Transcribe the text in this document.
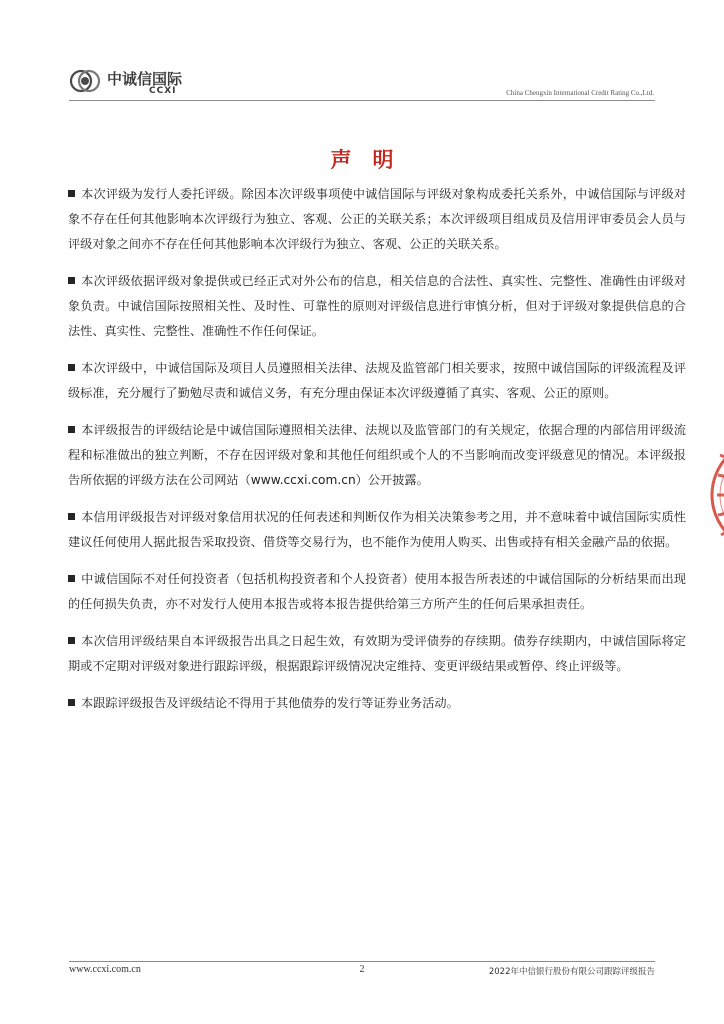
中诚信国际
CCXI	China Chengxin International Credit Rating Co.,Ltd.
声　明

本次评级为发行人委托评级。除因本次评级事项使中诚信国际与评级对象构成委托关系外，中诚信国际与评级对象不存在任何其他影响本次评级行为独立、客观、公正的关联关系；本次评级项目组成员及信用评审委员会人员与评级对象之间亦不存在任何其他影响本次评级行为独立、客观、公正的关联关系。

本次评级依据评级对象提供或已经正式对外公布的信息，相关信息的合法性、真实性、完整性、准确性由评级对象负责。中诚信国际按照相关性、及时性、可靠性的原则对评级信息进行审慎分析，但对于评级对象提供信息的合法性、真实性、完整性、准确性不作任何保证。

本次评级中，中诚信国际及项目人员遵照相关法律、法规及监管部门相关要求，按照中诚信国际的评级流程及评级标准，充分履行了勤勉尽责和诚信义务，有充分理由保证本次评级遵循了真实、客观、公正的原则。

本评级报告的评级结论是中诚信国际遵照相关法律、法规以及监管部门的有关规定，依据合理的内部信用评级流程和标准做出的独立判断，不存在因评级对象和其他任何组织或个人的不当影响而改变评级意见的情况。本评级报告所依据的评级方法在公司网站（www.ccxi.com.cn）公开披露。

本信用评级报告对评级对象信用状况的任何表述和判断仅作为相关决策参考之用，并不意味着中诚信国际实质性建议任何使用人据此报告采取投资、借贷等交易行为，也不能作为使用人购买、出售或持有相关金融产品的依据。

中诚信国际不对任何投资者（包括机构投资者和个人投资者）使用本报告所表述的中诚信国际的分析结果而出现的任何损失负责，亦不对发行人使用本报告或将本报告提供给第三方所产生的任何后果承担责任。

本次信用评级结果自本评级报告出具之日起生效，有效期为受评债券的存续期。债券存续期内，中诚信国际将定期或不定期对评级对象进行跟踪评级，根据跟踪评级情况决定维持、变更评级结果或暂停、终止评级等。

本跟踪评级报告及评级结论不得用于其他债券的发行等证券业务活动。

www.ccxi.com.cn	2	2022年中信银行股份有限公司跟踪评级报告
